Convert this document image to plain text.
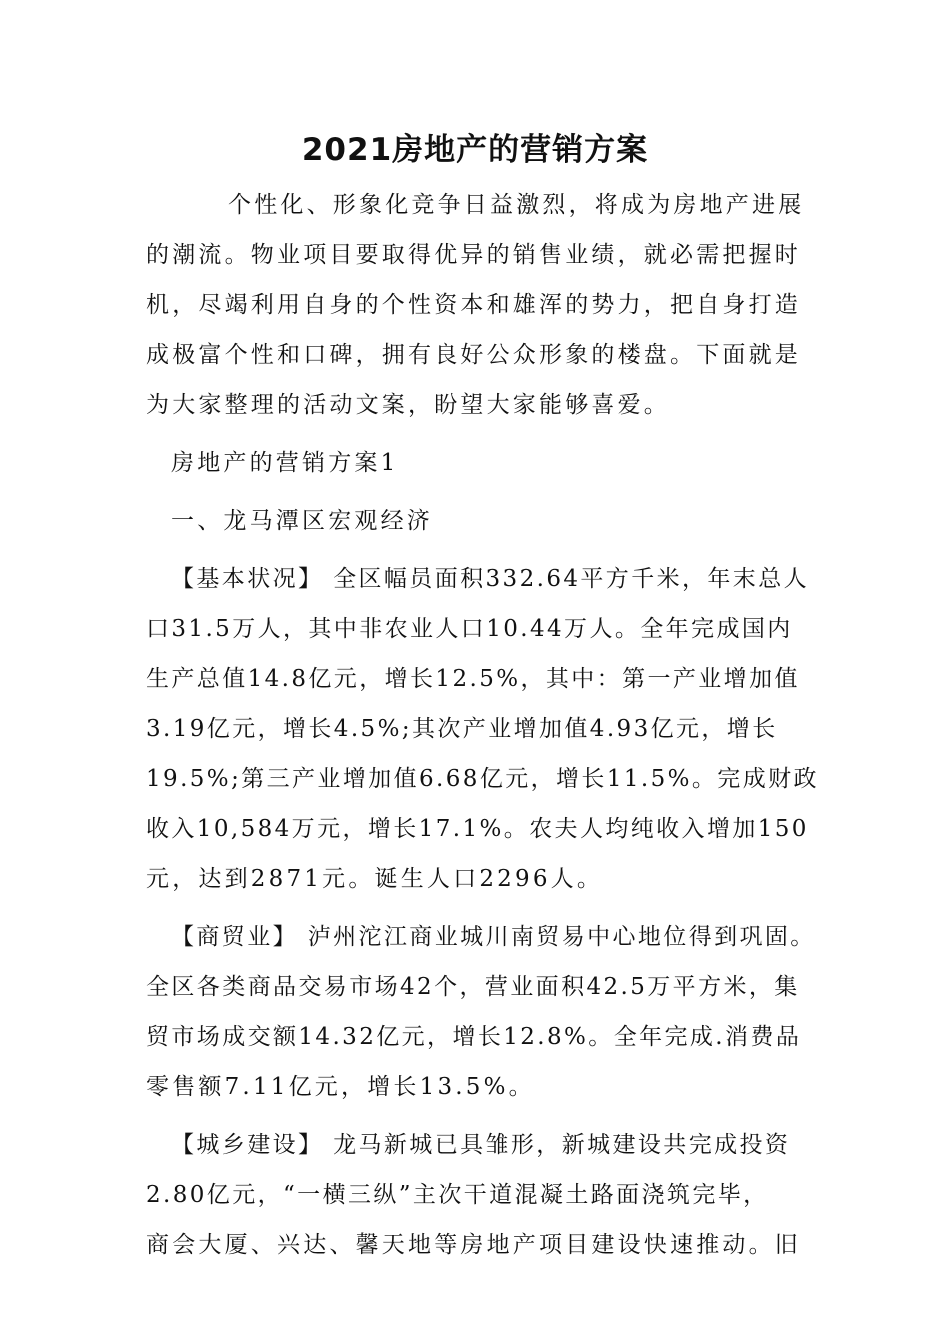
2021房地产的营销方案
个性化、形象化竞争日益激烈，将成为房地产进展
的潮流。物业项目要取得优异的销售业绩，就必需把握时
机，尽竭利用自身的个性资本和雄浑的势力，把自身打造
成极富个性和口碑，拥有良好公众形象的楼盘。下面就是
为大家整理的活动文案，盼望大家能够喜爱。
房地产的营销方案1
一、龙马潭区宏观经济
【基本状况】 全区幅员面积332.64平方千米，年末总人
口31.5万人，其中非农业人口10.44万人。全年完成国内
生产总值14.8亿元，增长12.5%，其中：第一产业增加值
3.19亿元，增长4.5%;其次产业增加值4.93亿元，增长
19.5%;第三产业增加值6.68亿元，增长11.5%。完成财政
收入10,584万元，增长17.1%。农夫人均纯收入增加150
元，达到2871元。诞生人口2296人。
【商贸业】 泸州沱江商业城川南贸易中心地位得到巩固。
全区各类商品交易市场42个，营业面积42.5万平方米，集
贸市场成交额14.32亿元，增长12.8%。全年完成.消费品
零售额7.11亿元，增长13.5%。
【城乡建设】 龙马新城已具雏形，新城建设共完成投资
2.80亿元，“一横三纵”主次干道混凝土路面浇筑完毕，
商会大厦、兴达、馨天地等房地产项目建设快速推动。旧
